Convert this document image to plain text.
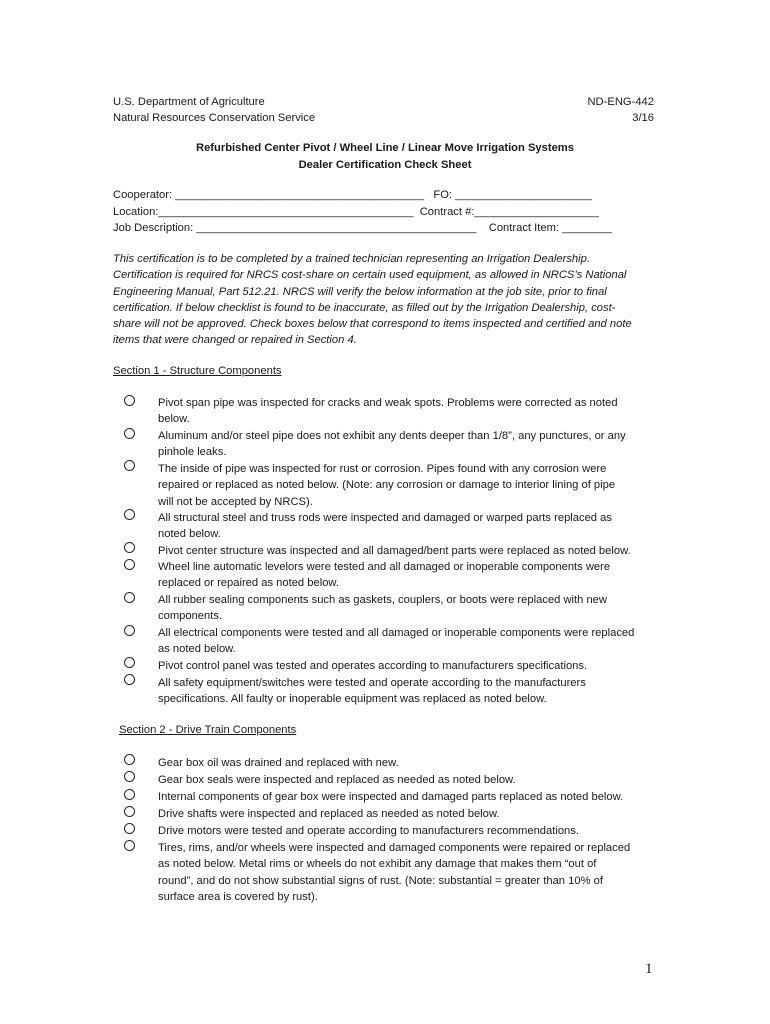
U.S. Department of Agriculture
Natural Resources Conservation Service
ND-ENG-442
3/16
Refurbished Center Pivot / Wheel Line / Linear Move Irrigation Systems
Dealer Certification Check Sheet
Cooperator: ________________________________________   FO: ______________________
Location:_________________________________________  Contract #:____________________
Job Description: _____________________________________________    Contract Item: ________
This certification is to be completed by a trained technician representing an Irrigation Dealership.
Certification is required for NRCS cost-share on certain used equipment, as allowed in NRCS’s National
Engineering Manual, Part 512.21. NRCS will verify the below information at the job site, prior to final
certification. If below checklist is found to be inaccurate, as filled out by the Irrigation Dealership, cost-
share will not be approved. Check boxes below that correspond to items inspected and certified and note
items that were changed or repaired in Section 4.
Section 1 - Structure Components
Pivot span pipe was inspected for cracks and weak spots. Problems were corrected as noted
below.
Aluminum and/or steel pipe does not exhibit any dents deeper than 1/8”, any punctures, or any
pinhole leaks.
The inside of pipe was inspected for rust or corrosion. Pipes found with any corrosion were
repaired or replaced as noted below. (Note: any corrosion or damage to interior lining of pipe
will not be accepted by NRCS).
All structural steel and truss rods were inspected and damaged or warped parts replaced as
noted below.
Pivot center structure was inspected and all damaged/bent parts were replaced as noted below.
Wheel line automatic levelors were tested and all damaged or inoperable components were
replaced or repaired as noted below.
All rubber sealing components such as gaskets, couplers, or boots were replaced with new
components.
All electrical components were tested and all damaged or inoperable components were replaced
as noted below.
Pivot control panel was tested and operates according to manufacturers specifications.
All safety equipment/switches were tested and operate according to the manufacturers
specifications. All faulty or inoperable equipment was replaced as noted below.
Section 2 - Drive Train Components
Gear box oil was drained and replaced with new.
Gear box seals were inspected and replaced as needed as noted below.
Internal components of gear box were inspected and damaged parts replaced as noted below.
Drive shafts were inspected and replaced as needed as noted below.
Drive motors were tested and operate according to manufacturers recommendations.
Tires, rims, and/or wheels were inspected and damaged components were repaired or replaced
as noted below. Metal rims or wheels do not exhibit any damage that makes them “out of
round”, and do not show substantial signs of rust. (Note: substantial = greater than 10% of
surface area is covered by rust).
1
